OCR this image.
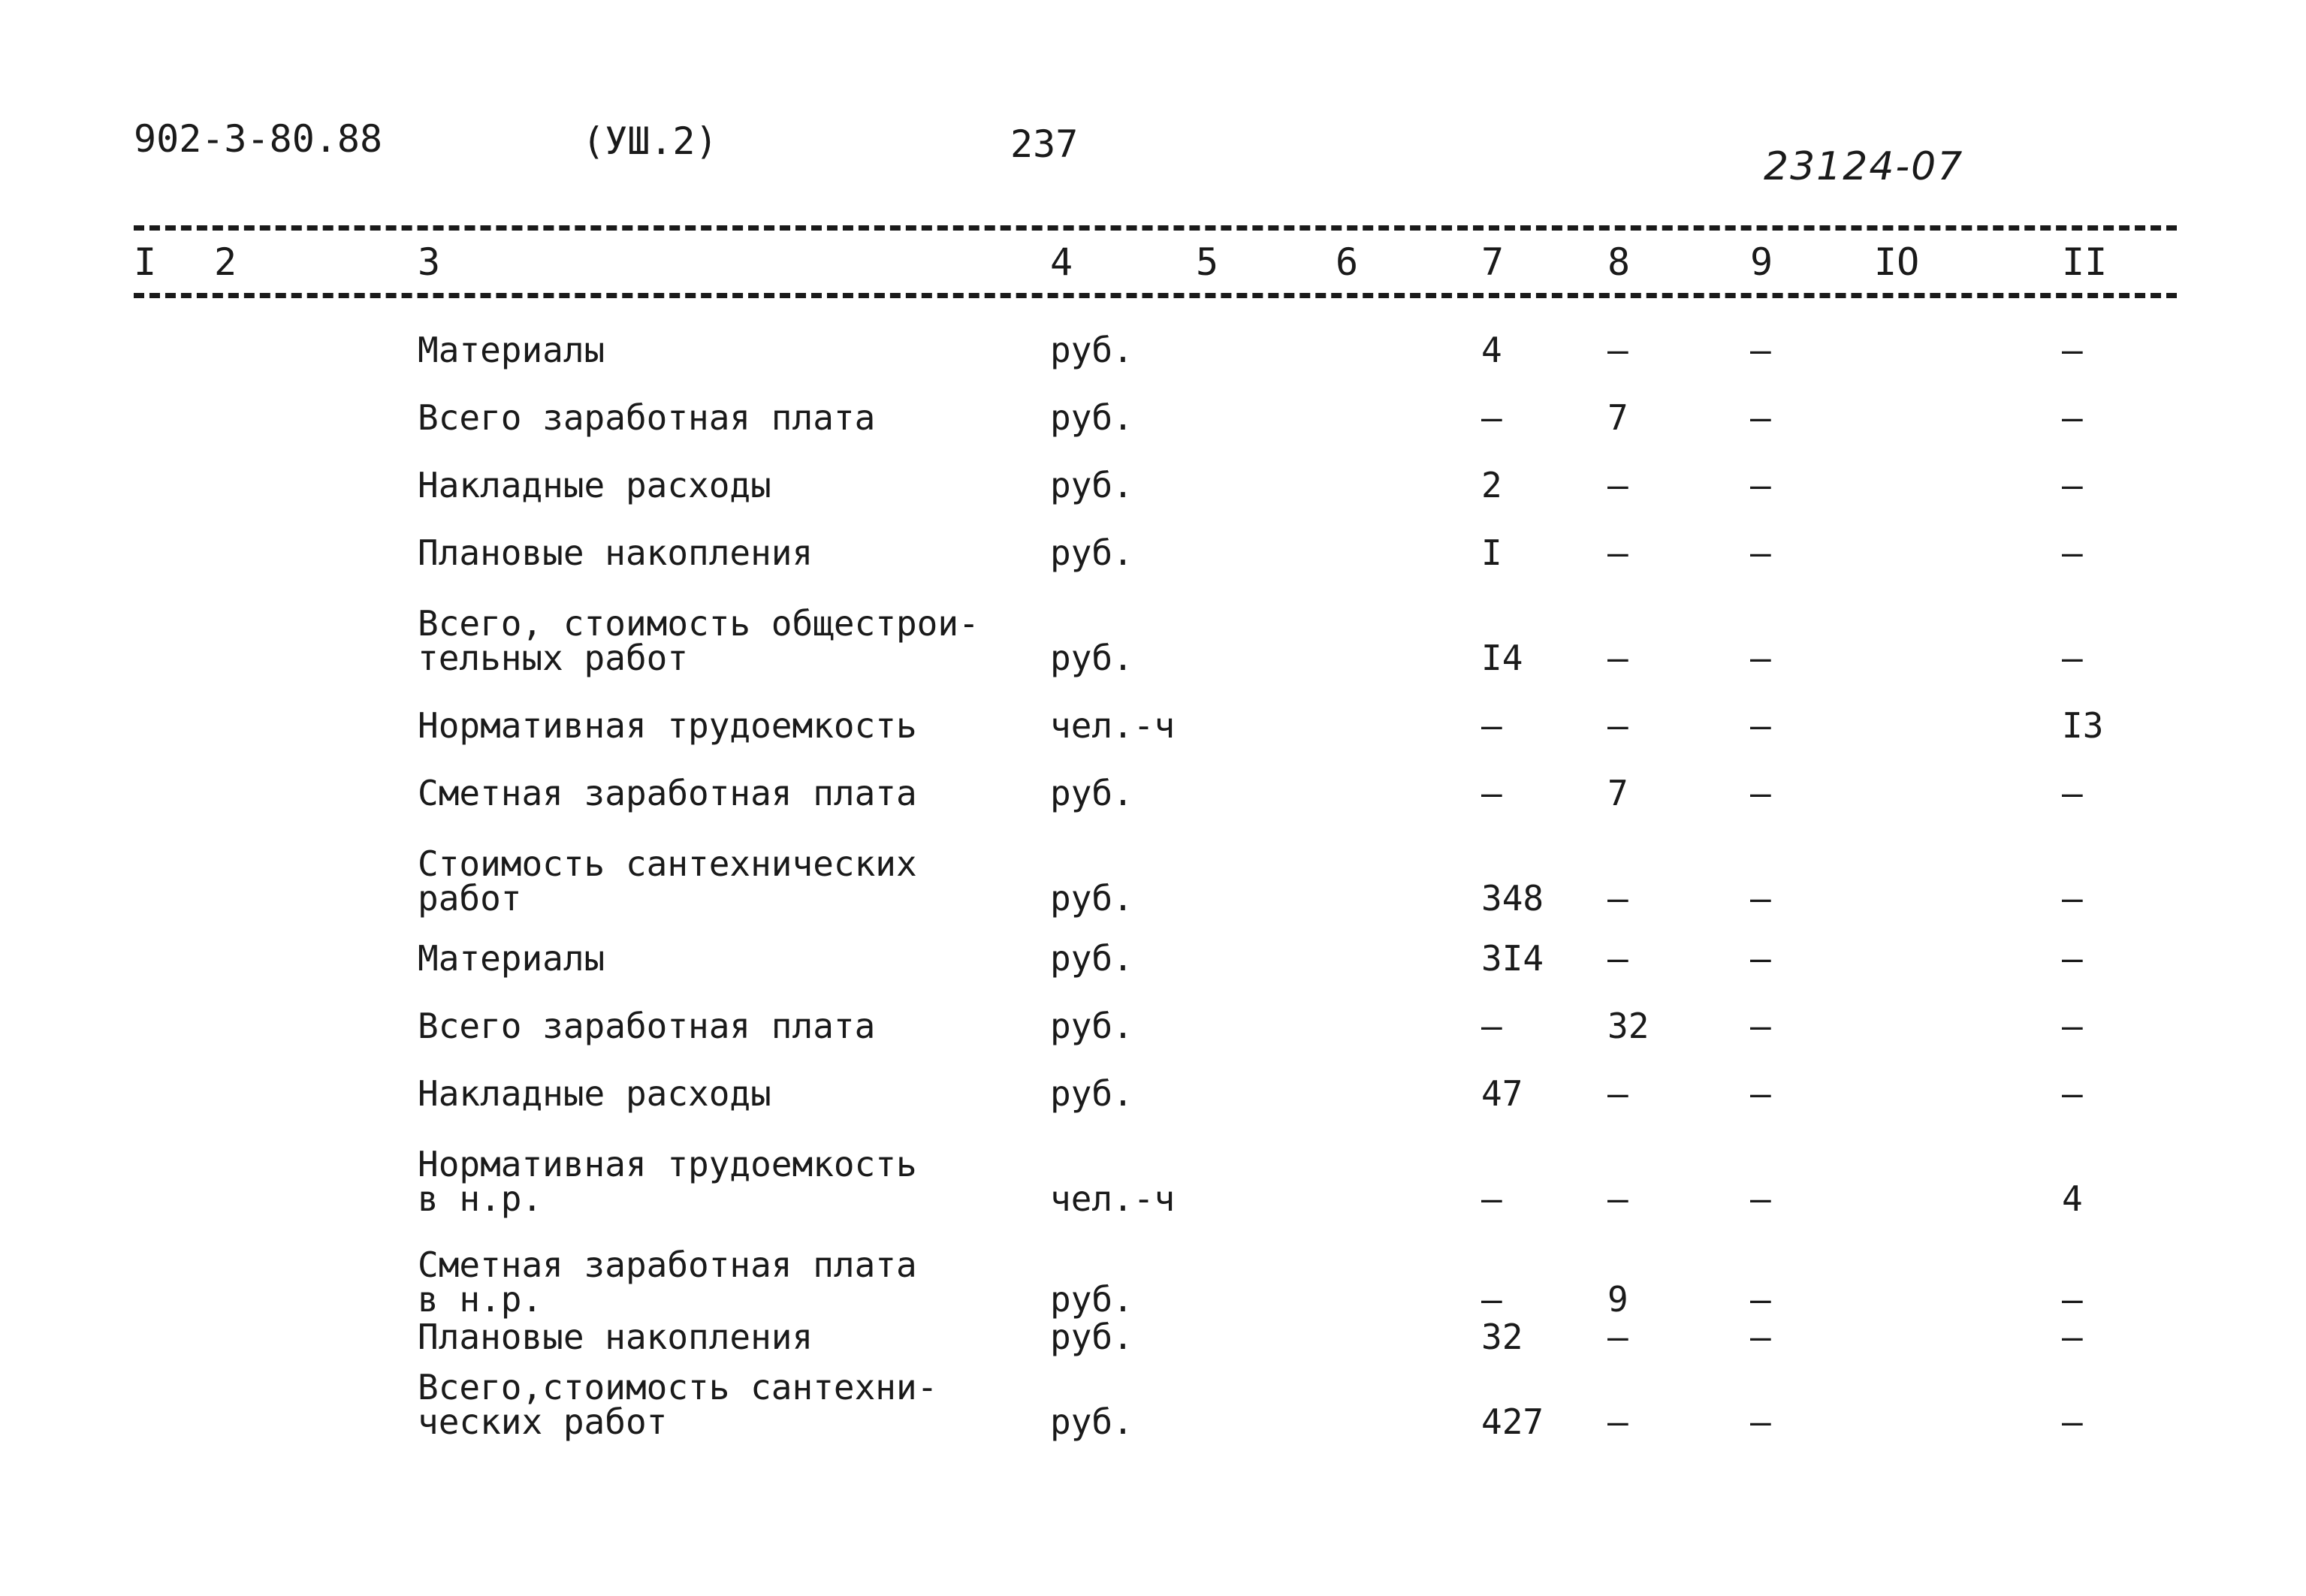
902-3-80.88	(УШ.2)	237	23124-07
I 2	3	4	5	6	7	8	9	IO	II
Материалы	руб.	4	–	–	–
Всего заработная плата	руб.	–	7	–	–
Накладные расходы	руб.	2	–	–	–
Плановые накопления	руб.	I	–	–	–
Всего, стоимость общестрои-
тельных работ	руб.	I4 –	–	–
Нормативная трудоемкость	чел.-ч	–	–	–	I3
Сметная заработная плата	руб.	–	7	–	–
Стоимость сантехнических
работ	руб.	348 –	–	–
Материалы	руб.	3I4 –	–	–
Всего заработная плата	руб.	–	32	–	–
Накладные расходы	руб.	47 –	–	–
Нормативная трудоемкость
в н.р.	чел.-ч	–	–	–	4
Сметная заработная плата
в н.р.	руб.	–	9	–	–
Плановые накопления	руб.	32 –	–	–
Всего,стоимость сантехни-
ческих работ	руб.	427 –	–	–
